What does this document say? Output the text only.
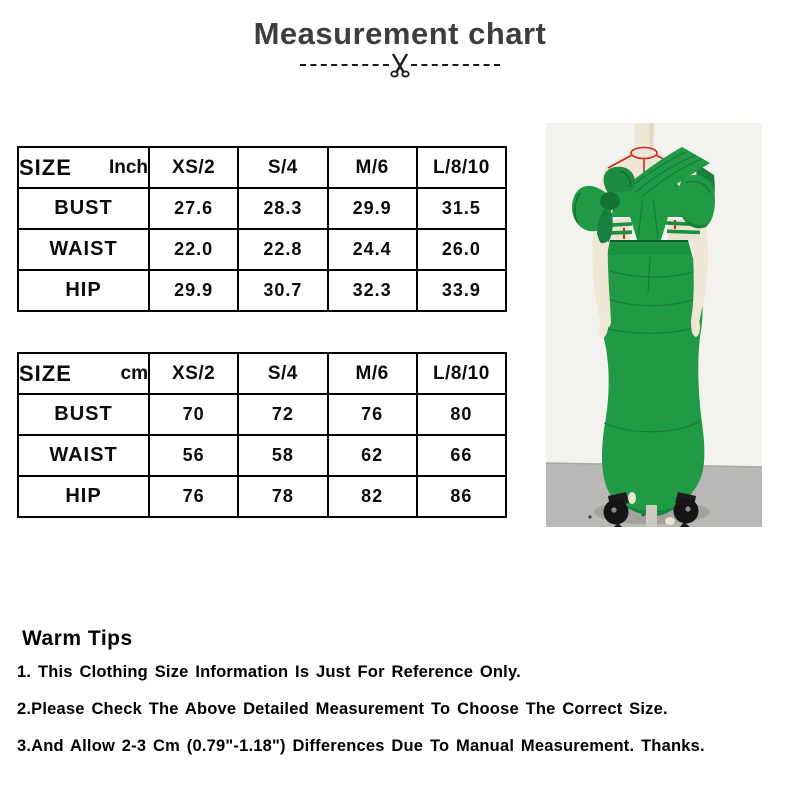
Measurement chart
SIZE Inch	XS/2	S/4	M/6	L/8/10
BUST	27.6	28.3	29.9	31.5
WAIST	22.0	22.8	24.4	26.0
HIP	29.9	30.7	32.3	33.9
SIZE cm	XS/2	S/4	M/6	L/8/10
BUST	70	72	76	80
WAIST	56	58	62	66
HIP	76	78	82	86
Warm Tips
1. This Clothing Size Information Is Just For Reference Only.
2.Please Check The Above Detailed Measurement To Choose The Correct Size.
3.And Allow 2-3 Cm (0.79"-1.18") Differences Due To Manual Measurement. Thanks.
